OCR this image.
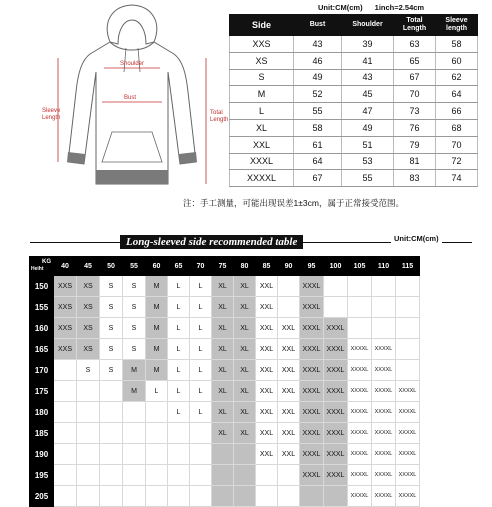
Shoulder
Bust
Sleeve
Length
Total
Length
Unit:CM(cm) 1inch=2.54cm
Side	Bust	Shoulder	Total Length	Sleeve length
XXS	43	39	63	58
XS	46	41	65	60
S	49	43	67	62
M	52	45	70	64
L	55	47	73	66
XL	58	49	76	68
XXL	61	51	79	70
XXXL	64	53	81	72
XXXXL	67	55	83	74
注：手工测量，可能出现误差1±3cm，属于正常接受范围。
Long-sleeved side recommended table	Unit:CM(cm)
KG
Heiht	40	45	50	55	60	65	70	75	80	85	90	95	100	105	110	115
150	XXS	XS	S	S	M	L	L	XL	XL	XXL		XXXL				
155	XXS	XS	S	S	M	L	L	XL	XL	XXL		XXXL				
160	XXS	XS	S	S	M	L	L	XL	XL	XXL	XXL	XXXL	XXXL			
165	XXS	XS	S	S	M	L	L	XL	XL	XXL	XXL	XXXL	XXXL	XXXXL	XXXXL	
170		S	S	M	M	L	L	XL	XL	XXL	XXL	XXXL	XXXL	XXXXL	XXXXL	
175				M	L	L	L	XL	XL	XXL	XXL	XXXL	XXXL	XXXXL	XXXXL	XXXXL
180						L	L	XL	XL	XXL	XXL	XXXL	XXXL	XXXXL	XXXXL	XXXXL
185								XL	XL	XXL	XXL	XXXL	XXXL	XXXXL	XXXXL	XXXXL
190										XXL	XXL	XXXL	XXXL	XXXXL	XXXXL	XXXXL
195												XXXL	XXXL	XXXXL	XXXXL	XXXXL
205														XXXXL	XXXXL	XXXXL
